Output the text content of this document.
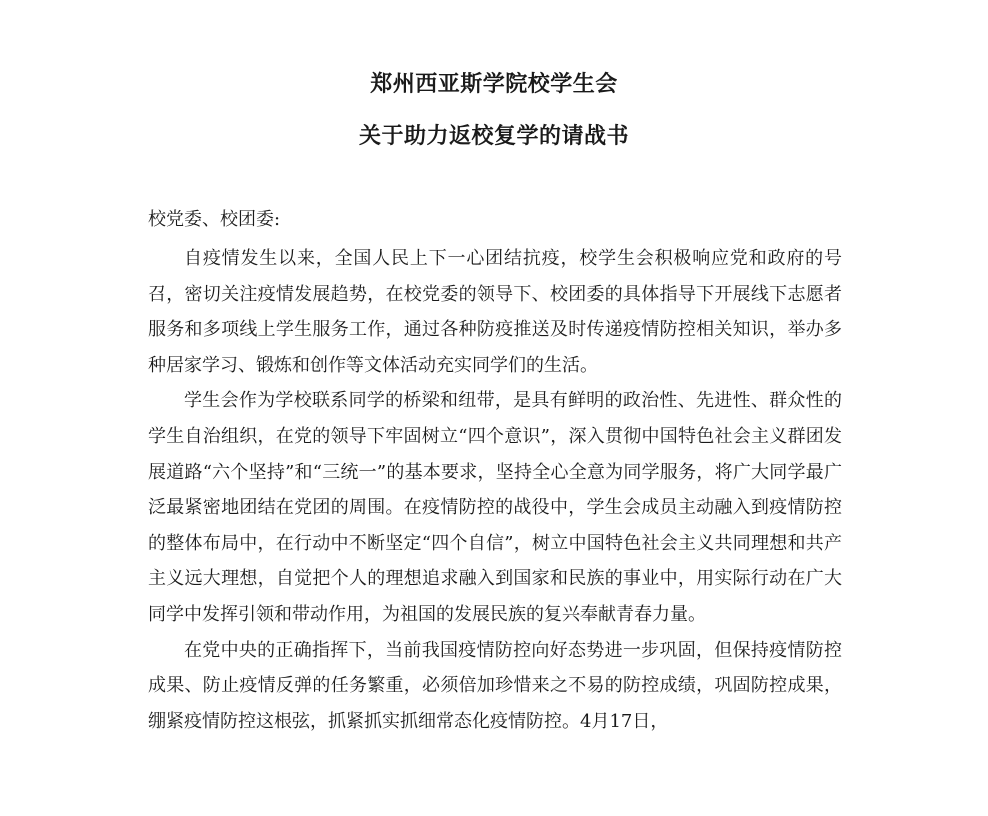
郑州西亚斯学院校学生会
关于助力返校复学的请战书

校党委、校团委:

自疫情发生以来，全国人民上下一心团结抗疫，校学生会积极响应党和政府的号召，密切关注疫情发展趋势，在校党委的领导下、校团委的具体指导下开展线下志愿者服务和多项线上学生服务工作，通过各种防疫推送及时传递疫情防控相关知识，举办多种居家学习、锻炼和创作等文体活动充实同学们的生活。

学生会作为学校联系同学的桥梁和纽带，是具有鲜明的政治性、先进性、群众性的学生自治组织，在党的领导下牢固树立“四个意识”，深入贯彻中国特色社会主义群团发展道路“六个坚持”和“三统一”的基本要求，坚持全心全意为同学服务，将广大同学最广泛最紧密地团结在党团的周围。在疫情防控的战役中，学生会成员主动融入到疫情防控的整体布局中，在行动中不断坚定“四个自信”，树立中国特色社会主义共同理想和共产主义远大理想，自觉把个人的理想追求融入到国家和民族的事业中，用实际行动在广大同学中发挥引领和带动作用，为祖国的发展民族的复兴奉献青春力量。

在党中央的正确指挥下，当前我国疫情防控向好态势进一步巩固，但保持疫情防控成果、防止疫情反弹的任务繁重，必须倍加珍惜来之不易的防控成绩，巩固防控成果，绷紧疫情防控这根弦，抓紧抓实抓细常态化疫情防控。4月17日，
